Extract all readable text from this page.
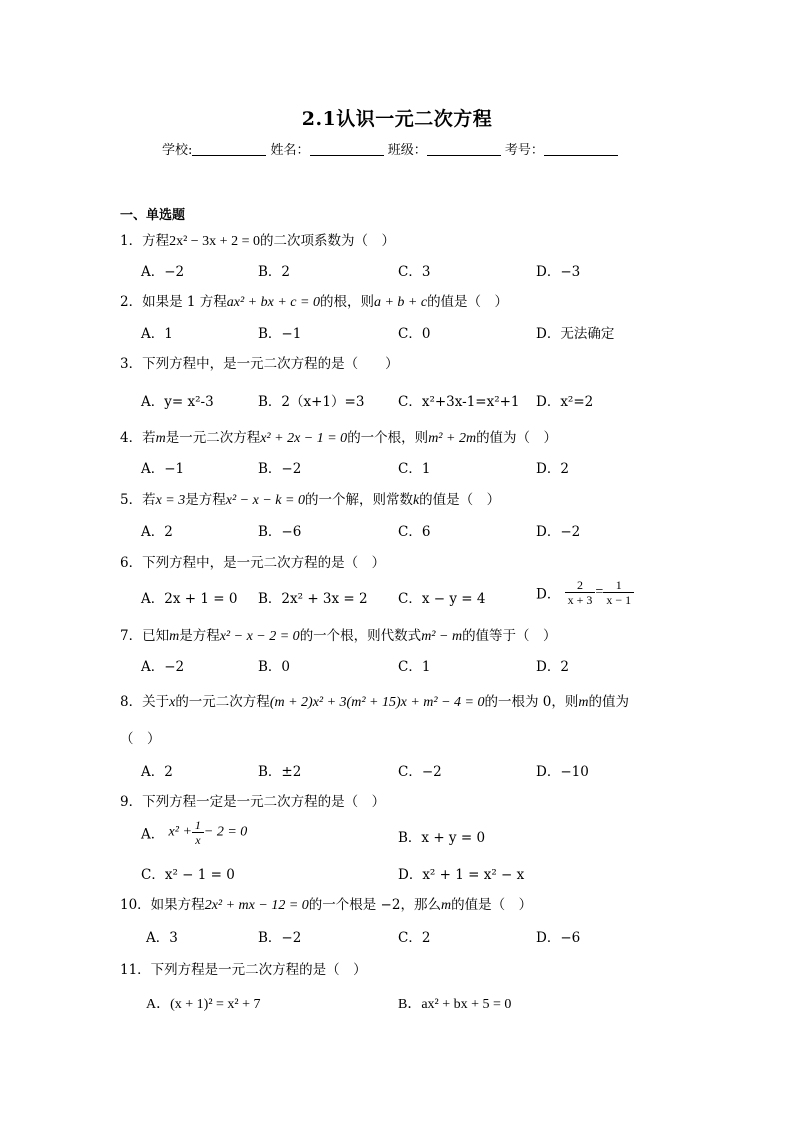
2.1认识一元二次方程
学校:	姓名：	班级：	考号：
一、单选题
1．方程2x² − 3x + 2 = 0的二次项系数为（　）
A．−2	B．2	C．3	D．−3
2．如果是 1 方程ax² + bx + c = 0的根，则a + b + c的值是（　）
A．1	B．−1	C．0	D．无法确定
3．下列方程中，是一元二次方程的是（　　）
A．y= x²-3	B．2（x+1）=3 C．x²+3x-1=x²+1 D．x²=2
4．若m是一元二次方程x² + 2x − 1 = 0的一个根，则m² + 2m的值为（　）
A．−1	B．−2	C．1	D．2
5．若x = 3是方程x² − x − k = 0的一个解，则常数k的值是（　）
A．2	B．−6	C．6	D．−2
6．下列方程中，是一元二次方程的是（　）
A．2x + 1 = 0 B．2x² + 3x = 2 C．x − y = 4	D． $\frac{2}{x + 3} = \frac{1}{x - 1}$
7．已知m是方程x² − x − 2 = 0的一个根，则代数式m² − m的值等于（　）
A．−2	B．0	C．1	D．2
8．关于x的一元二次方程(m + 2)x² + 3(m² + 15)x + m² − 4 = 0的一根为 0，则m的值为
（　）
A．2	B．±2	C．−2	D．−10
9．下列方程一定是一元二次方程的是（　）
A． $x^2 + \frac{1}{x} - 2 = 0$	B．x + y = 0
C．x² − 1 = 0	D．x² + 1 = x² − x
10．如果方程2x² + mx − 12 = 0的一个根是 −2，那么m的值是（　）
A．3	B．−2	C．2	D．−6
11．下列方程是一元二次方程的是（　）
A．(x + 1)² = x² + 7	B．ax² + bx + 5 = 0
